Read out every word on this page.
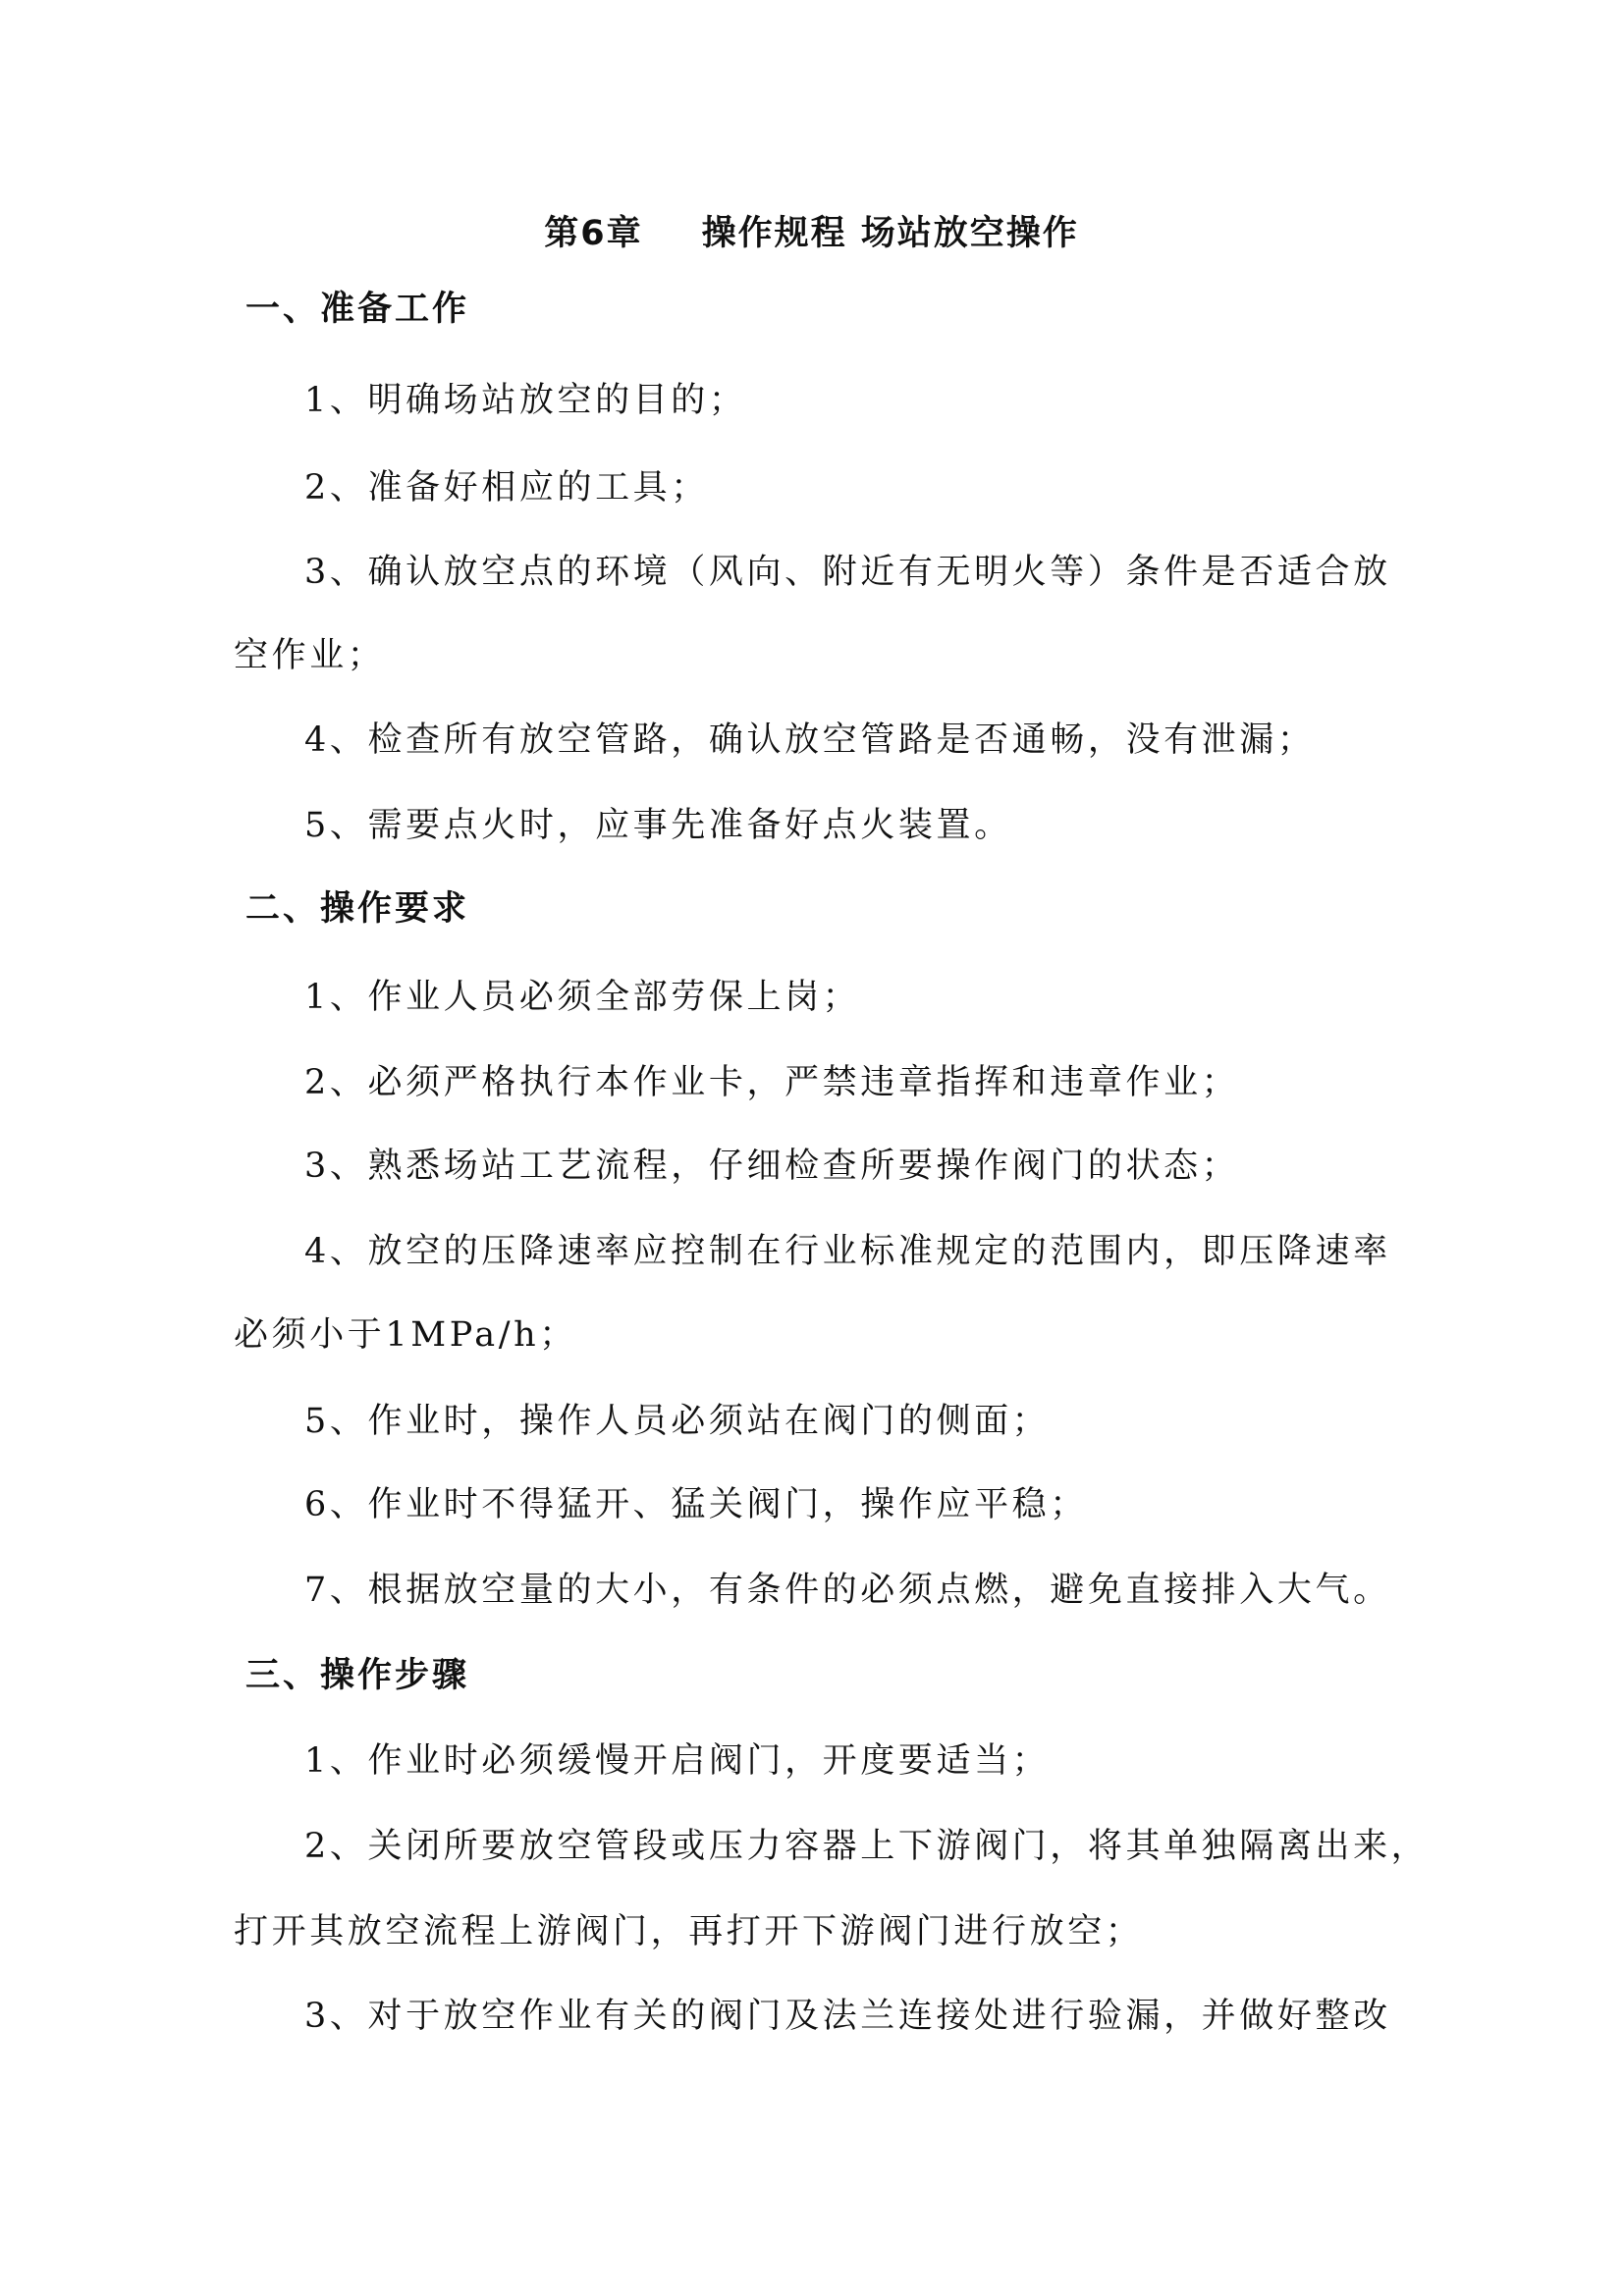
第6章 操作规程 场站放空操作
一、准备工作
1、明确场站放空的目的；
2、准备好相应的工具；
3、确认放空点的环境（风向、附近有无明火等）条件是否适合放
空作业；
4、检查所有放空管路，确认放空管路是否通畅，没有泄漏；
5、需要点火时，应事先准备好点火装置。
二、操作要求
1、作业人员必须全部劳保上岗；
2、必须严格执行本作业卡，严禁违章指挥和违章作业；
3、熟悉场站工艺流程，仔细检查所要操作阀门的状态；
4、放空的压降速率应控制在行业标准规定的范围内，即压降速率
必须小于1MPa/h；
5、作业时，操作人员必须站在阀门的侧面；
6、作业时不得猛开、猛关阀门，操作应平稳；
7、根据放空量的大小，有条件的必须点燃，避免直接排入大气。
三、操作步骤
1、作业时必须缓慢开启阀门，开度要适当；
2、关闭所要放空管段或压力容器上下游阀门，将其单独隔离出来，
打开其放空流程上游阀门，再打开下游阀门进行放空；
3、对于放空作业有关的阀门及法兰连接处进行验漏，并做好整改
